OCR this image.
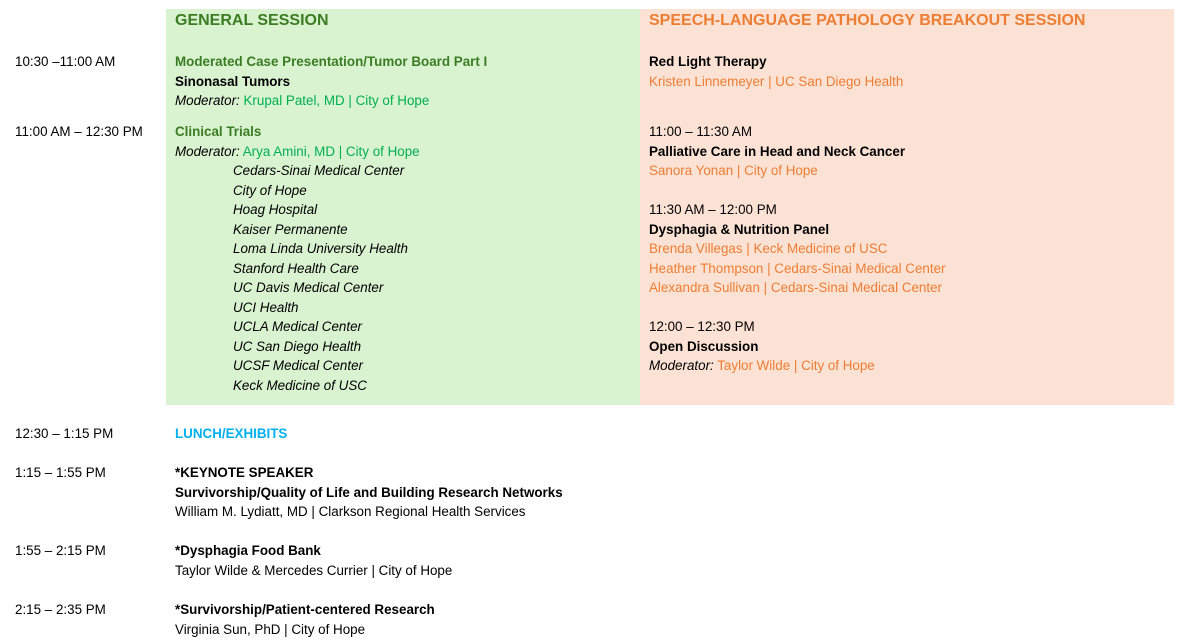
GENERAL SESSION	SPEECH-LANGUAGE PATHOLOGY BREAKOUT SESSION
10:30 –11:00 AM
11:00 AM – 12:30 PM
12:30 – 1:15 PM
1:15 – 1:55 PM
1:55 – 2:15 PM
2:15 – 2:35 PM
Moderated Case Presentation/Tumor Board Part I
Sinonasal Tumors
Moderator: Krupal Patel, MD | City of Hope
Clinical Trials
Moderator: Arya Amini, MD | City of Hope
Cedars-Sinai Medical Center
City of Hope
Hoag Hospital
Kaiser Permanente
Loma Linda University Health
Stanford Health Care
UC Davis Medical Center
UCI Health
UCLA Medical Center
UC San Diego Health
UCSF Medical Center
Keck Medicine of USC
Red Light Therapy
Kristen Linnemeyer | UC San Diego Health
11:00 – 11:30 AM
Palliative Care in Head and Neck Cancer
Sanora Yonan | City of Hope
11:30 AM – 12:00 PM
Dysphagia & Nutrition Panel
Brenda Villegas | Keck Medicine of USC
Heather Thompson | Cedars-Sinai Medical Center
Alexandra Sullivan | Cedars-Sinai Medical Center
12:00 – 12:30 PM
Open Discussion
Moderator: Taylor Wilde | City of Hope
LUNCH/EXHIBITS
*KEYNOTE SPEAKER
Survivorship/Quality of Life and Building Research Networks
William M. Lydiatt, MD | Clarkson Regional Health Services
*Dysphagia Food Bank
Taylor Wilde & Mercedes Currier | City of Hope
*Survivorship/Patient-centered Research
Virginia Sun, PhD | City of Hope
